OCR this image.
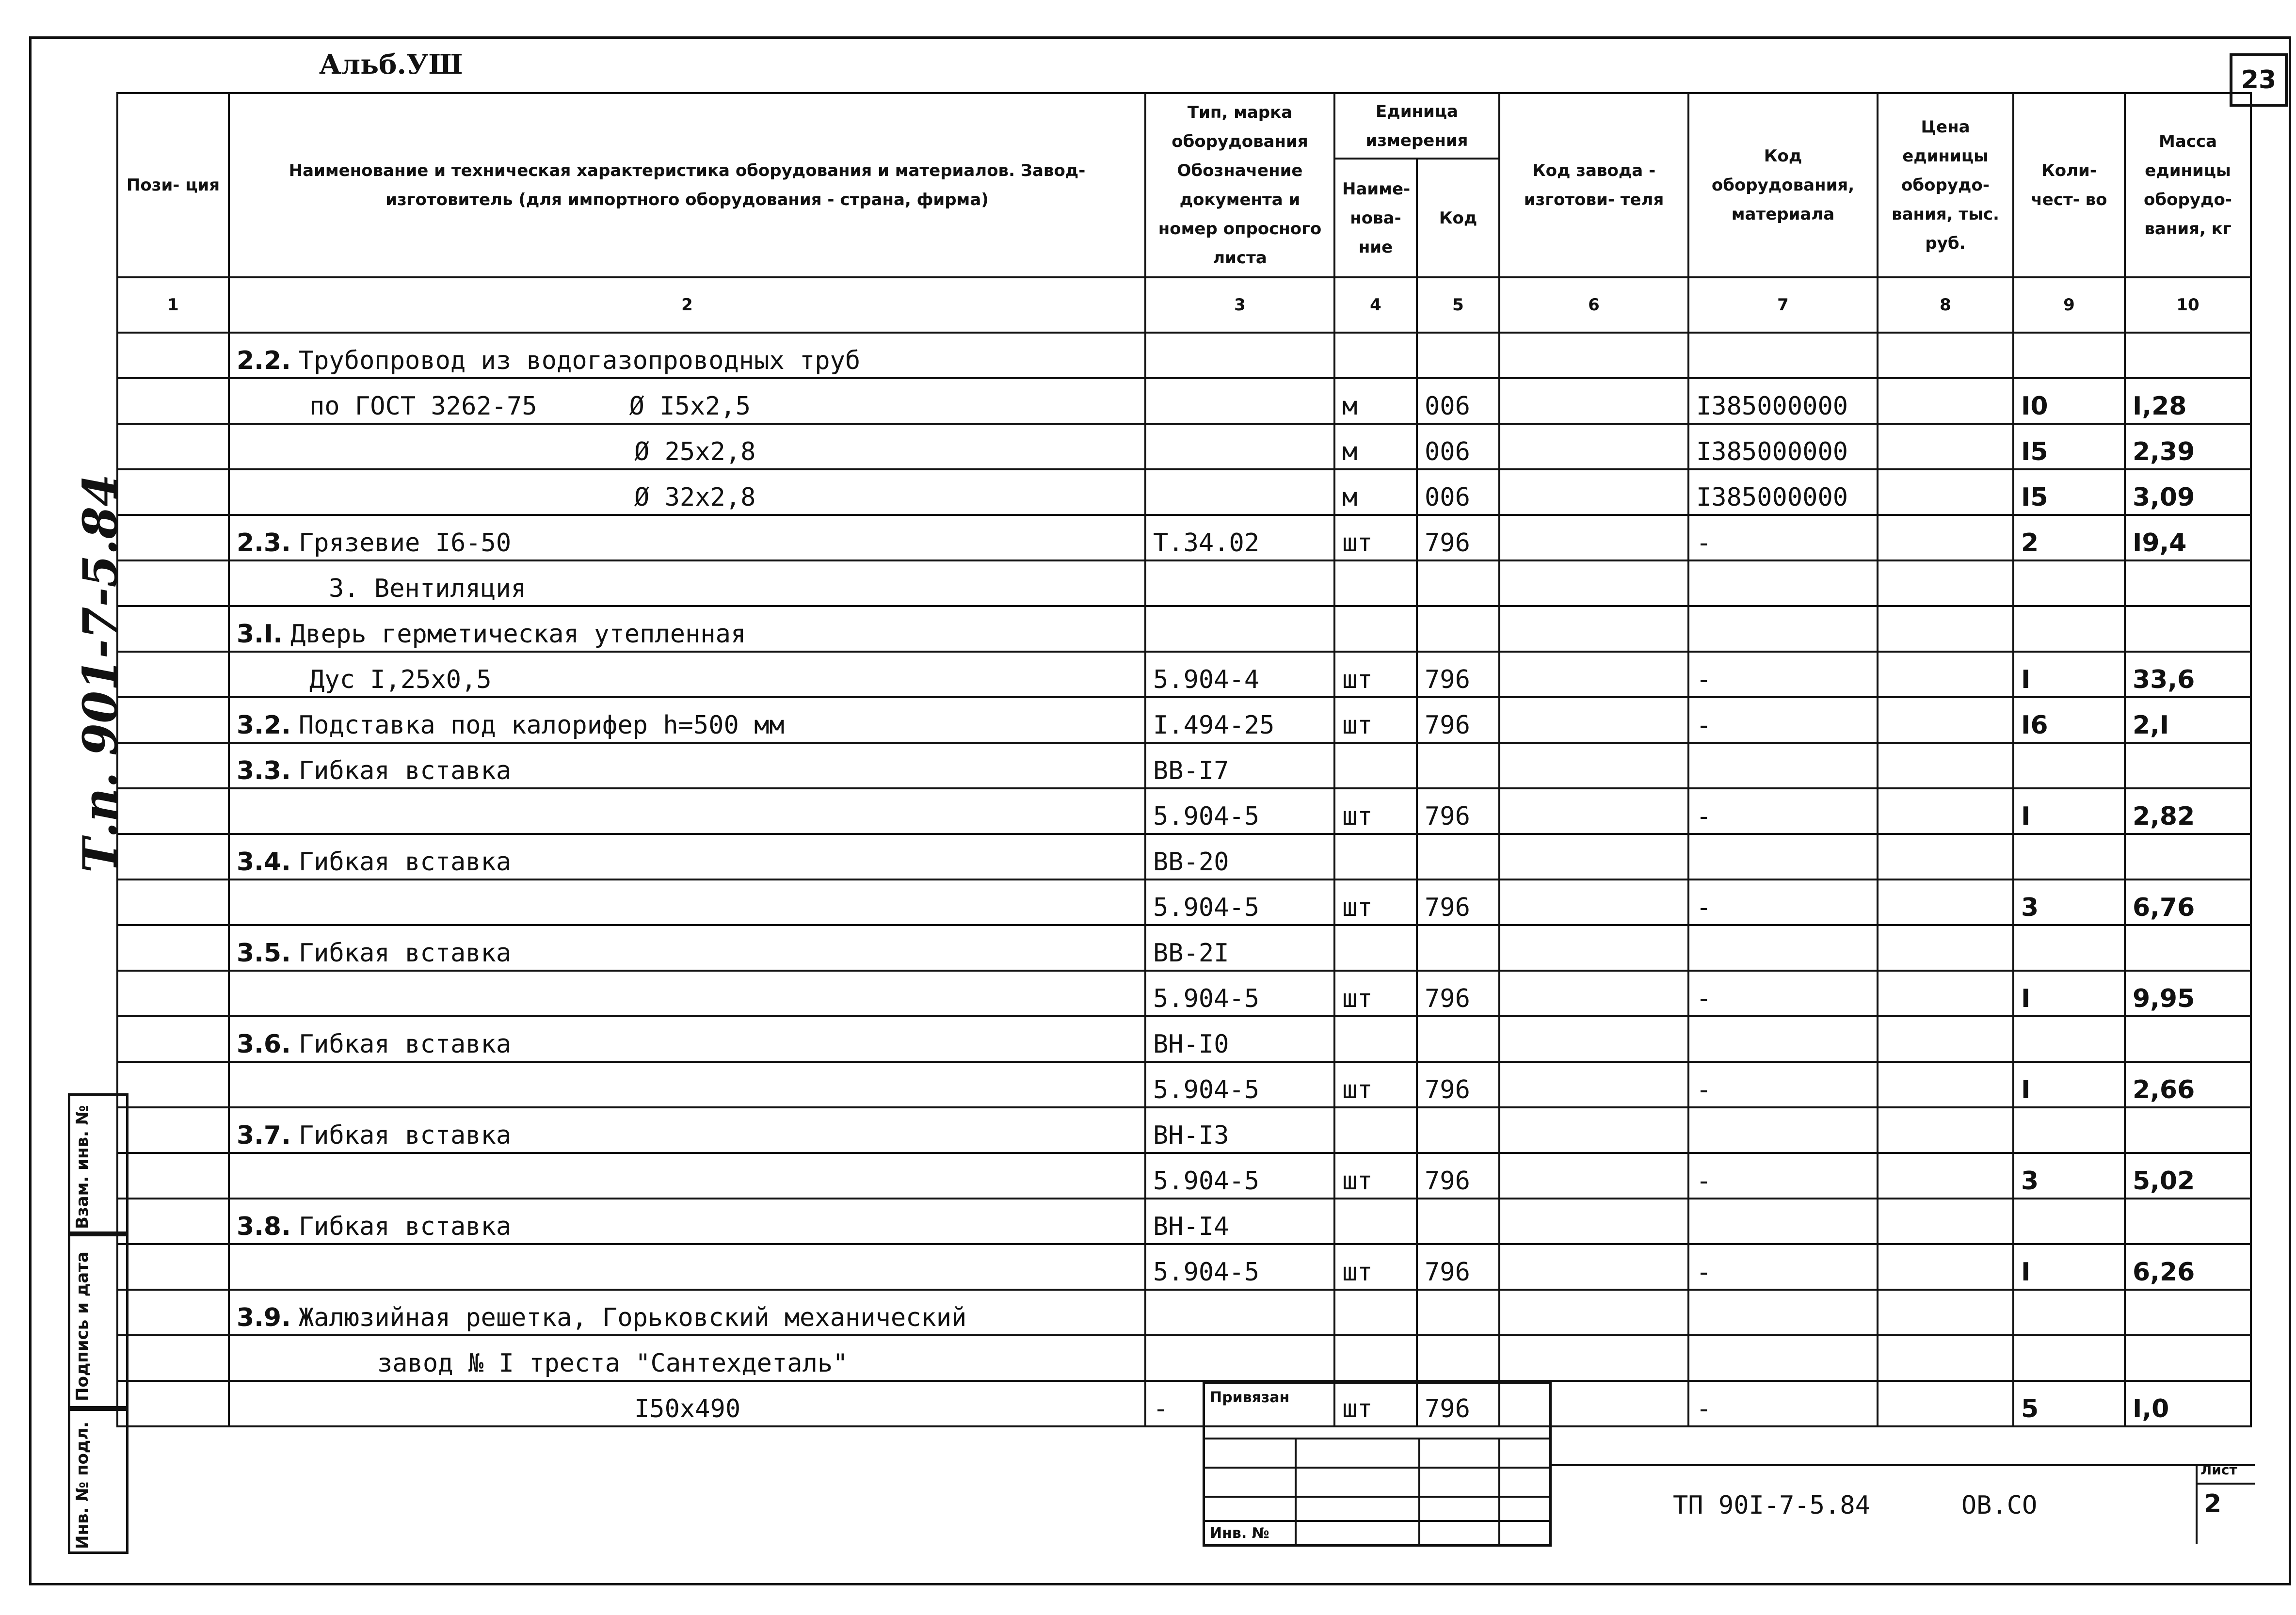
Альб.УШ	23
Т.п. 901-7-5.84
Взам. инв. №
Подпись и дата
Инв. № подл.
Пози- ция	Наименование и техническая характеристика оборудования и материалов. Завод-изготовитель (для импортного оборудования - страна, фирма)	Тип, марка оборудования Обозначение документа и номер опросного листа	Единица измерения		Код завода - изготови- теля	Код оборудования, материала	Цена единицы оборудо- вания, тыс. руб.	Коли- чест- во	Масса единицы оборудо- вания, кг
			Наиме- нова- ние	Код					
1	2	3	4	5	6	7	8	9	10
	2.2. Трубопровод из водогазопроводных труб								
	по ГОСТ 3262-75 Ø I5x2,5		м	006		I385000000		I0	I,28
	Ø 25x2,8		м	006		I385000000		I5	2,39
	Ø 32x2,8		м	006		I385000000		I5	3,09
	2.3. Грязевие I6-50	Т.34.02	шт	796		-		2	I9,4
	3. Вентиляция								
	3.I. Дверь герметическая утепленная								
	Дус I,25x0,5	5.904-4	шт	796		-		I	33,6
	3.2. Подставка под калорифер h=500 мм	I.494-25	шт	796		-		I6	2,I
	3.3. Гибкая вставка	ВВ-I7							
		5.904-5	шт	796		-		I	2,82
	3.4. Гибкая вставка	ВВ-20							
		5.904-5	шт	796		-		3	6,76
	3.5. Гибкая вставка	ВВ-2I							
		5.904-5	шт	796		-		I	9,95
	3.6. Гибкая вставка	ВН-I0							
		5.904-5	шт	796		-		I	2,66
	3.7. Гибкая вставка	ВН-I3							
		5.904-5	шт	796		-		3	5,02
	3.8. Гибкая вставка	ВН-I4							
		5.904-5	шт	796		-		I	6,26
	3.9. Жалюзийная решетка, Горьковский механический								
	завод № I треста "Сантехдеталь"								
	I50x490	-	шт	796		-		5	I,0
Привязан
Инв. №
ТП 90I-7-5.84      ОВ.СО
Лист
2
